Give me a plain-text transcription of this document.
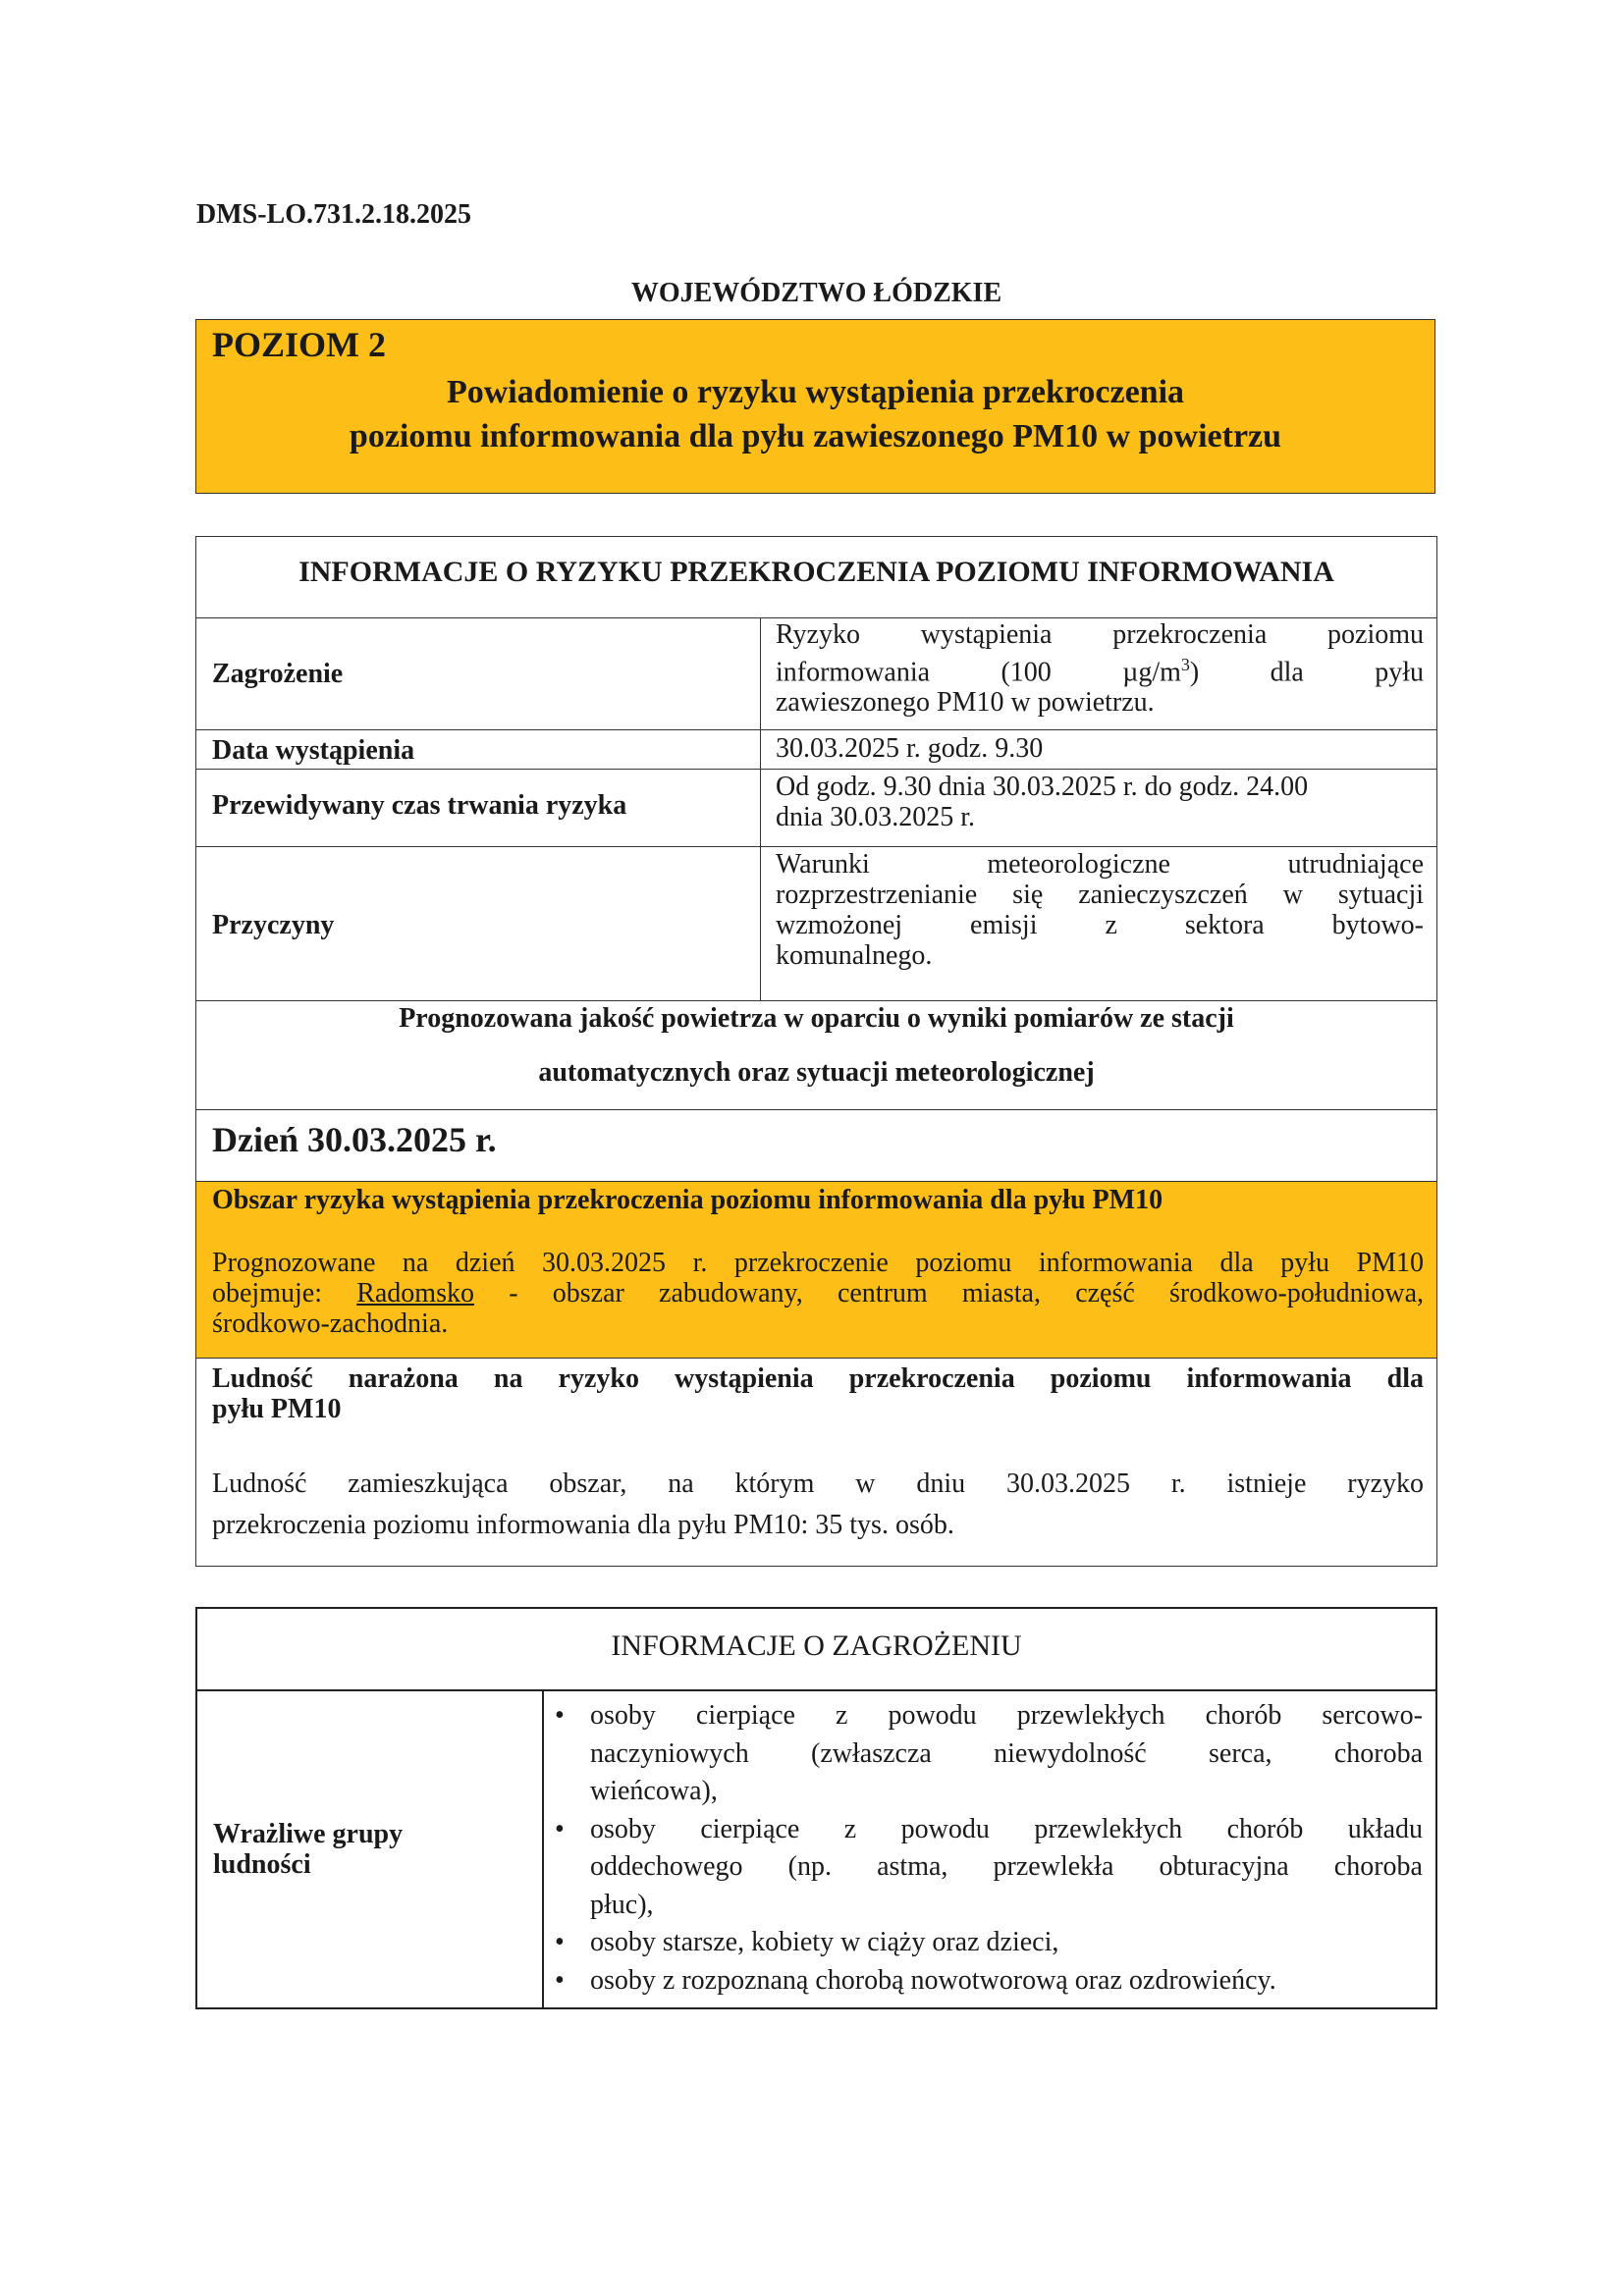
DMS-LO.731.2.18.2025
WOJEWÓDZTWO ŁÓDZKIE
POZIOM 2
Powiadomienie o ryzyku wystąpienia przekroczenia
poziomu informowania dla pyłu zawieszonego PM10 w powietrzu
INFORMACJE O RYZYKU PRZEKROCZENIA POZIOMU INFORMOWANIA
Zagrożenie
Ryzyko wystąpienia przekroczenia poziomu
informowania (100 $\mu g/m^3$) dla pyłu
zawieszonego PM10 w powietrzu.
Data wystąpienia	30.03.2025 r. godz. 9.30
Przewidywany czas trwania ryzyka
Od godz. 9.30 dnia 30.03.2025 r. do godz. 24.00
dnia 30.03.2025 r.
Przyczyny
Warunki meteorologiczne utrudniające
rozprzestrzenianie się zanieczyszczeń w sytuacji
wzmożonej emisji z sektora bytowo-
komunalnego.
Prognozowana jakość powietrza w oparciu o wyniki pomiarów ze stacji
automatycznych oraz sytuacji meteorologicznej
Dzień 30.03.2025 r.
Obszar ryzyka wystąpienia przekroczenia poziomu informowania dla pyłu PM10
Prognozowane na dzień 30.03.2025 r. przekroczenie poziomu informowania dla pyłu PM10
obejmuje: Radomsko - obszar zabudowany, centrum miasta, część środkowo-południowa,
środkowo-zachodnia.
Ludność narażona na ryzyko wystąpienia przekroczenia poziomu informowania dla
pyłu PM10
Ludność zamieszkująca obszar, na którym w dniu 30.03.2025 r. istnieje ryzyko
przekroczenia poziomu informowania dla pyłu PM10: 35 tys. osób.
INFORMACJE O ZAGROŻENIU
Wrażliwe grupy
ludności
• osoby cierpiące z powodu przewlekłych chorób sercowo-
naczyniowych (zwłaszcza niewydolność serca, choroba
wieńcowa),
• osoby cierpiące z powodu przewlekłych chorób układu
oddechowego (np. astma, przewlekła obturacyjna choroba
płuc),
• osoby starsze, kobiety w ciąży oraz dzieci,
• osoby z rozpoznaną chorobą nowotworową oraz ozdrowieńcy.
